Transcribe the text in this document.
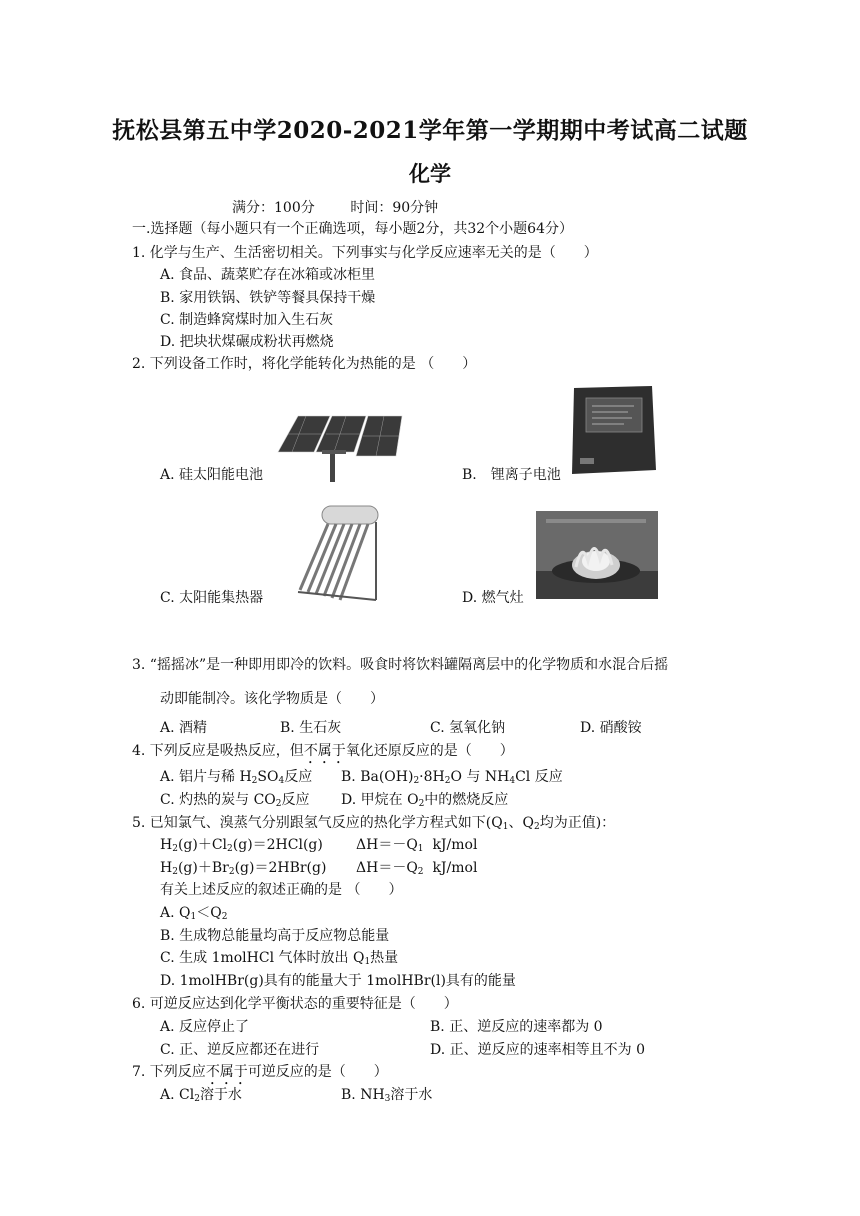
抚松县第五中学2020-2021学年第一学期期中考试高二试题
化学
满分：100分        时间：90分钟
一.选择题（每小题只有一个正确选项，每小题2分，共32个小题64分）
1. 化学与生产、生活密切相关。下列事实与化学反应速率无关的是（　　）
A. 食品、蔬菜贮存在冰箱或冰柜里
B. 家用铁锅、铁铲等餐具保持干燥
C. 制造蜂窝煤时加入生石灰
D. 把块状煤碾成粉状再燃烧
2. 下列设备工作时，将化学能转化为热能的是 （　　）
A. 硅太阳能电池	B.　锂离子电池
C. 太阳能集热器	D. 燃气灶
3. “摇摇冰”是一种即用即冷的饮料。吸食时将饮料罐隔离层中的化学物质和水混合后摇
动即能制冷。该化学物质是（　　）
A. 酒精	B. 生石灰	C. 氢氧化钠	D. 硝酸铵
4. 下列反应是吸热反应，但不属于氧化还原反应的是（　　）
A. 铝片与稀 $H_2SO_4$反应 B. $Ba(OH)_2\cdot 8H_2O$ 与 $NH_4Cl$ 反应
C. 灼热的炭与 $CO_2$反应 D. 甲烷在 $O_2$中的燃烧反应
5. 已知氯气、溴蒸气分别跟氢气反应的热化学方程式如下($Q_1$、$Q_2$均为正值)：
$H_2(g)+Cl_2(g)=2HCl(g)$ $\Delta H=-Q_1$ kJ/mol
$H_2(g)+Br_2(g)=2HBr(g)$ $\Delta H=-Q_2$ kJ/mol
有关上述反应的叙述正确的是 （　　）
A. $Q_1<Q_2$
B. 生成物总能量均高于反应物总能量
C. 生成 1molHCl 气体时放出 $Q_1$热量
D. 1molHBr(g)具有的能量大于 1molHBr(l)具有的能量
6. 可逆反应达到化学平衡状态的重要特征是（　　）
A. 反应停止了	B. 正、逆反应的速率都为 0
C. 正、逆反应都还在进行	D. 正、逆反应的速率相等且不为 0
7. 下列反应不属于可逆反应的是（　　）
A. $Cl_2$溶于水	B. $NH_3$溶于水
